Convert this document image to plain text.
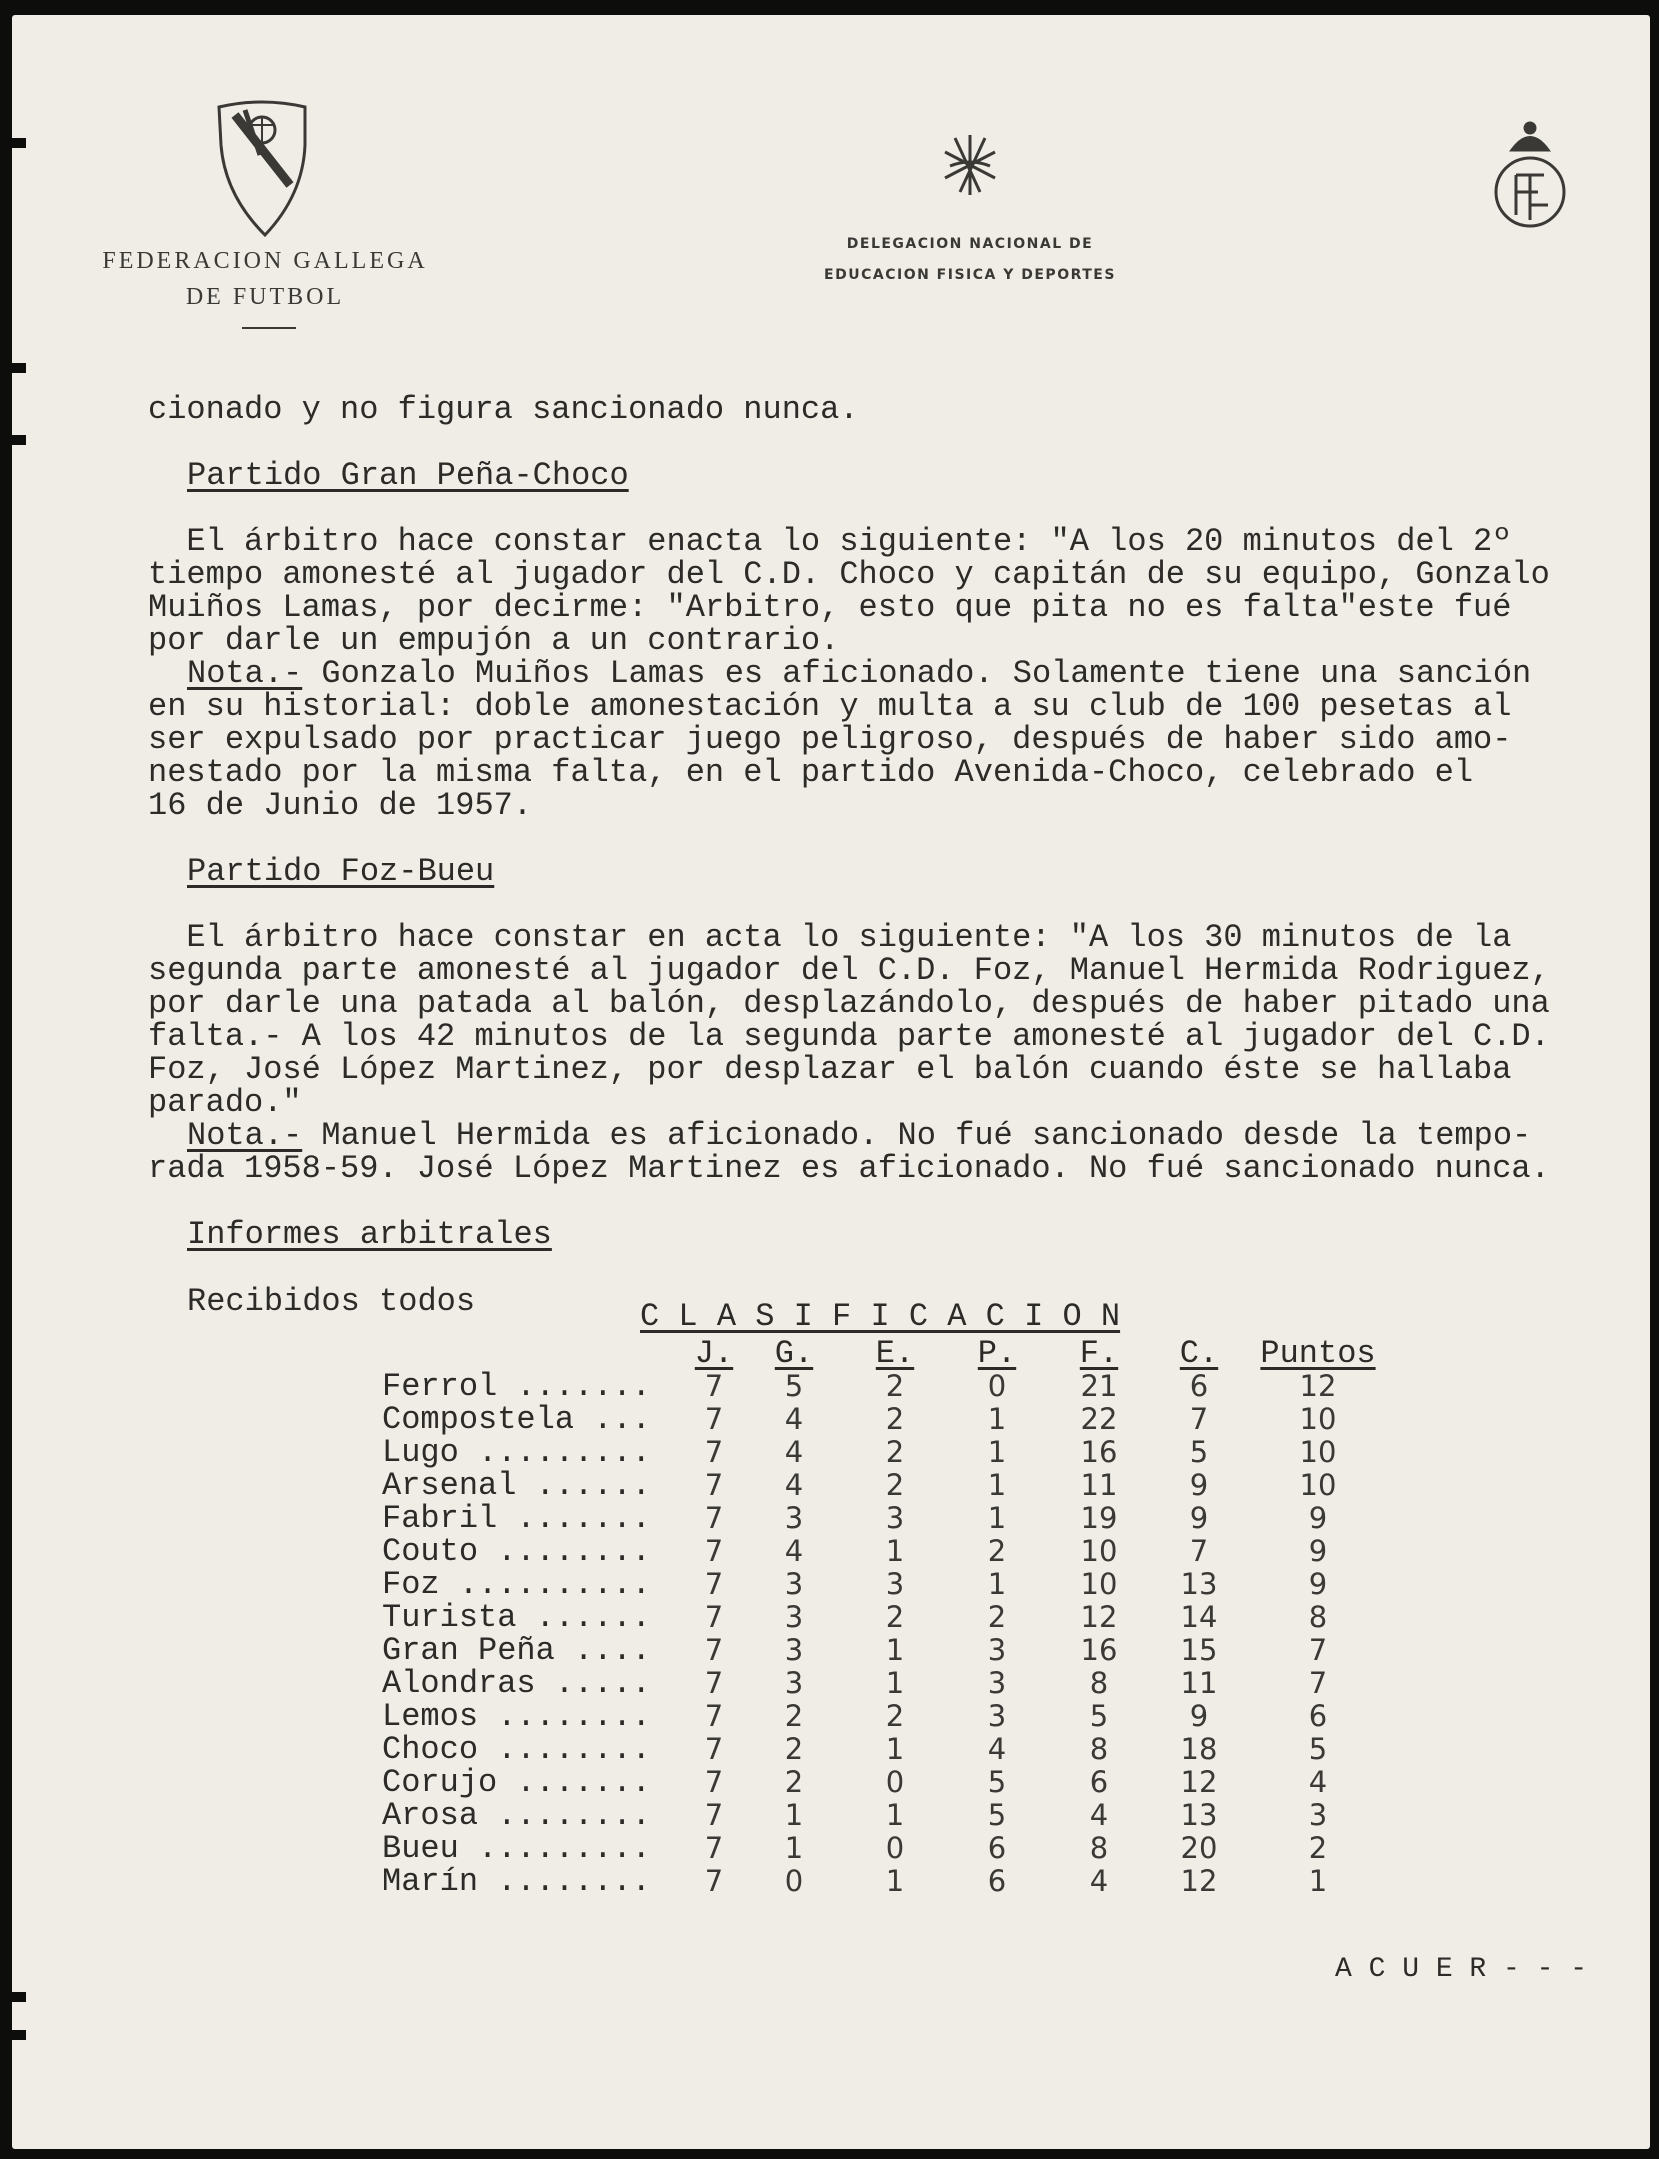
FEDERACION GALLEGA
DE FUTBOL
DELEGACION NACIONAL DE
EDUCACION FISICA Y DEPORTES
cionado y no figura sancionado nunca.
Partido Gran Peña-Choco
El árbitro hace constar enacta lo siguiente: "A los 20 minutos del 2º
tiempo amonesté al jugador del C.D. Choco y capitán de su equipo, Gonzalo
Muiños Lamas, por decirme: "Arbitro, esto que pita no es falta"este fué
por darle un empujón a un contrario.
Nota.- Gonzalo Muiños Lamas es aficionado. Solamente tiene una sanción
en su historial: doble amonestación y multa a su club de 100 pesetas al
ser expulsado por practicar juego peligroso, después de haber sido amo-
nestado por la misma falta, en el partido Avenida-Choco, celebrado el
16 de Junio de 1957.
Partido Foz-Bueu
El árbitro hace constar en acta lo siguiente: "A los 30 minutos de la
segunda parte amonesté al jugador del C.D. Foz, Manuel Hermida Rodriguez,
por darle una patada al balón, desplazándolo, después de haber pitado una
falta.- A los 42 minutos de la segunda parte amonesté al jugador del C.D.
Foz, José López Martinez, por desplazar el balón cuando éste se hallaba
parado."
Nota.- Manuel Hermida es aficionado. No fué sancionado desde la tempo-
rada 1958-59. José López Martinez es aficionado. No fué sancionado nunca.
Informes arbitrales
Recibidos todos	C L A S I F I C A C I O N
	J.	G.	E.	P.	F.	C.	Puntos
Ferrol .......	7	5	2	0	21	6	12
Compostela ...	7	4	2	1	22	7	10
Lugo .........	7	4	2	1	16	5	10
Arsenal ......	7	4	2	1	11	9	10
Fabril .......	7	3	3	1	19	9	9
Couto ........	7	4	1	2	10	7	9
Foz ..........	7	3	3	1	10	13	9
Turista ......	7	3	2	2	12	14	8
Gran Peña ....	7	3	1	3	16	15	7
Alondras .....	7	3	1	3	8	11	7
Lemos ........	7	2	2	3	5	9	6
Choco ........	7	2	1	4	8	18	5
Corujo .......	7	2	0	5	6	12	4
Arosa ........	7	1	1	5	4	13	3
Bueu .........	7	1	0	6	8	20	2
Marín ........	7	0	1	6	4	12	1
A C U E R - - -
